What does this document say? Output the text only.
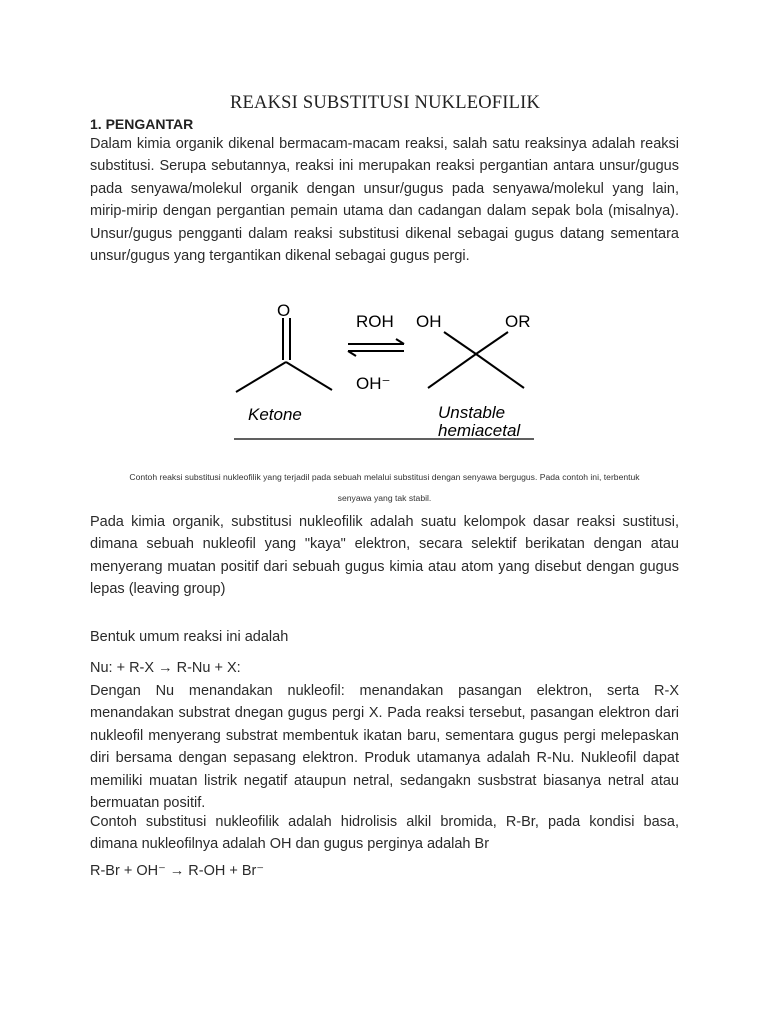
REAKSI SUBSTITUSI NUKLEOFILIK
1. PENGANTAR

Dalam kimia organik dikenal bermacam-macam reaksi, salah satu reaksinya adalah reaksi substitusi. Serupa sebutannya, reaksi ini merupakan reaksi pergantian antara unsur/gugus pada senyawa/molekul organik dengan unsur/gugus pada senyawa/molekul yang lain, mirip-mirip dengan pergantian pemain utama dan cadangan dalam sepak bola (misalnya). Unsur/gugus pengganti dalam reaksi substitusi dikenal sebagai gugus datang sementara unsur/gugus yang tergantikan dikenal sebagai gugus pergi.

O
ROH
OH⁻
OH	OR
Ketone	Unstable
hemiacetal
Contoh reaksi substitusi nukleofilik yang terjadil pada sebuah melalui substitusi dengan senyawa bergugus. Pada contoh ini, terbentuk
senyawa yang tak stabil.

Pada kimia organik, substitusi nukleofilik adalah suatu kelompok dasar reaksi sustitusi, dimana sebuah nukleofil yang "kaya" elektron, secara selektif berikatan dengan atau menyerang muatan positif dari sebuah gugus kimia atau atom yang disebut dengan gugus lepas (leaving group)

Bentuk umum reaksi ini adalah
Nu: + R-X → R-Nu + X:

Dengan Nu menandakan nukleofil: menandakan pasangan elektron, serta R-X menandakan substrat dnegan gugus pergi X. Pada reaksi tersebut, pasangan elektron dari nukleofil menyerang substrat membentuk ikatan baru, sementara gugus pergi melepaskan diri bersama dengan sepasang elektron. Produk utamanya adalah R-Nu. Nukleofil dapat memiliki muatan listrik negatif ataupun netral, sedangakn susbstrat biasanya netral atau bermuatan positif.

Contoh substitusi nukleofilik adalah hidrolisis alkil bromida, R-Br, pada kondisi basa, dimana nukleofilnya adalah OH dan gugus perginya adalah Br

R-Br + OH⁻ → R-OH + Br⁻
